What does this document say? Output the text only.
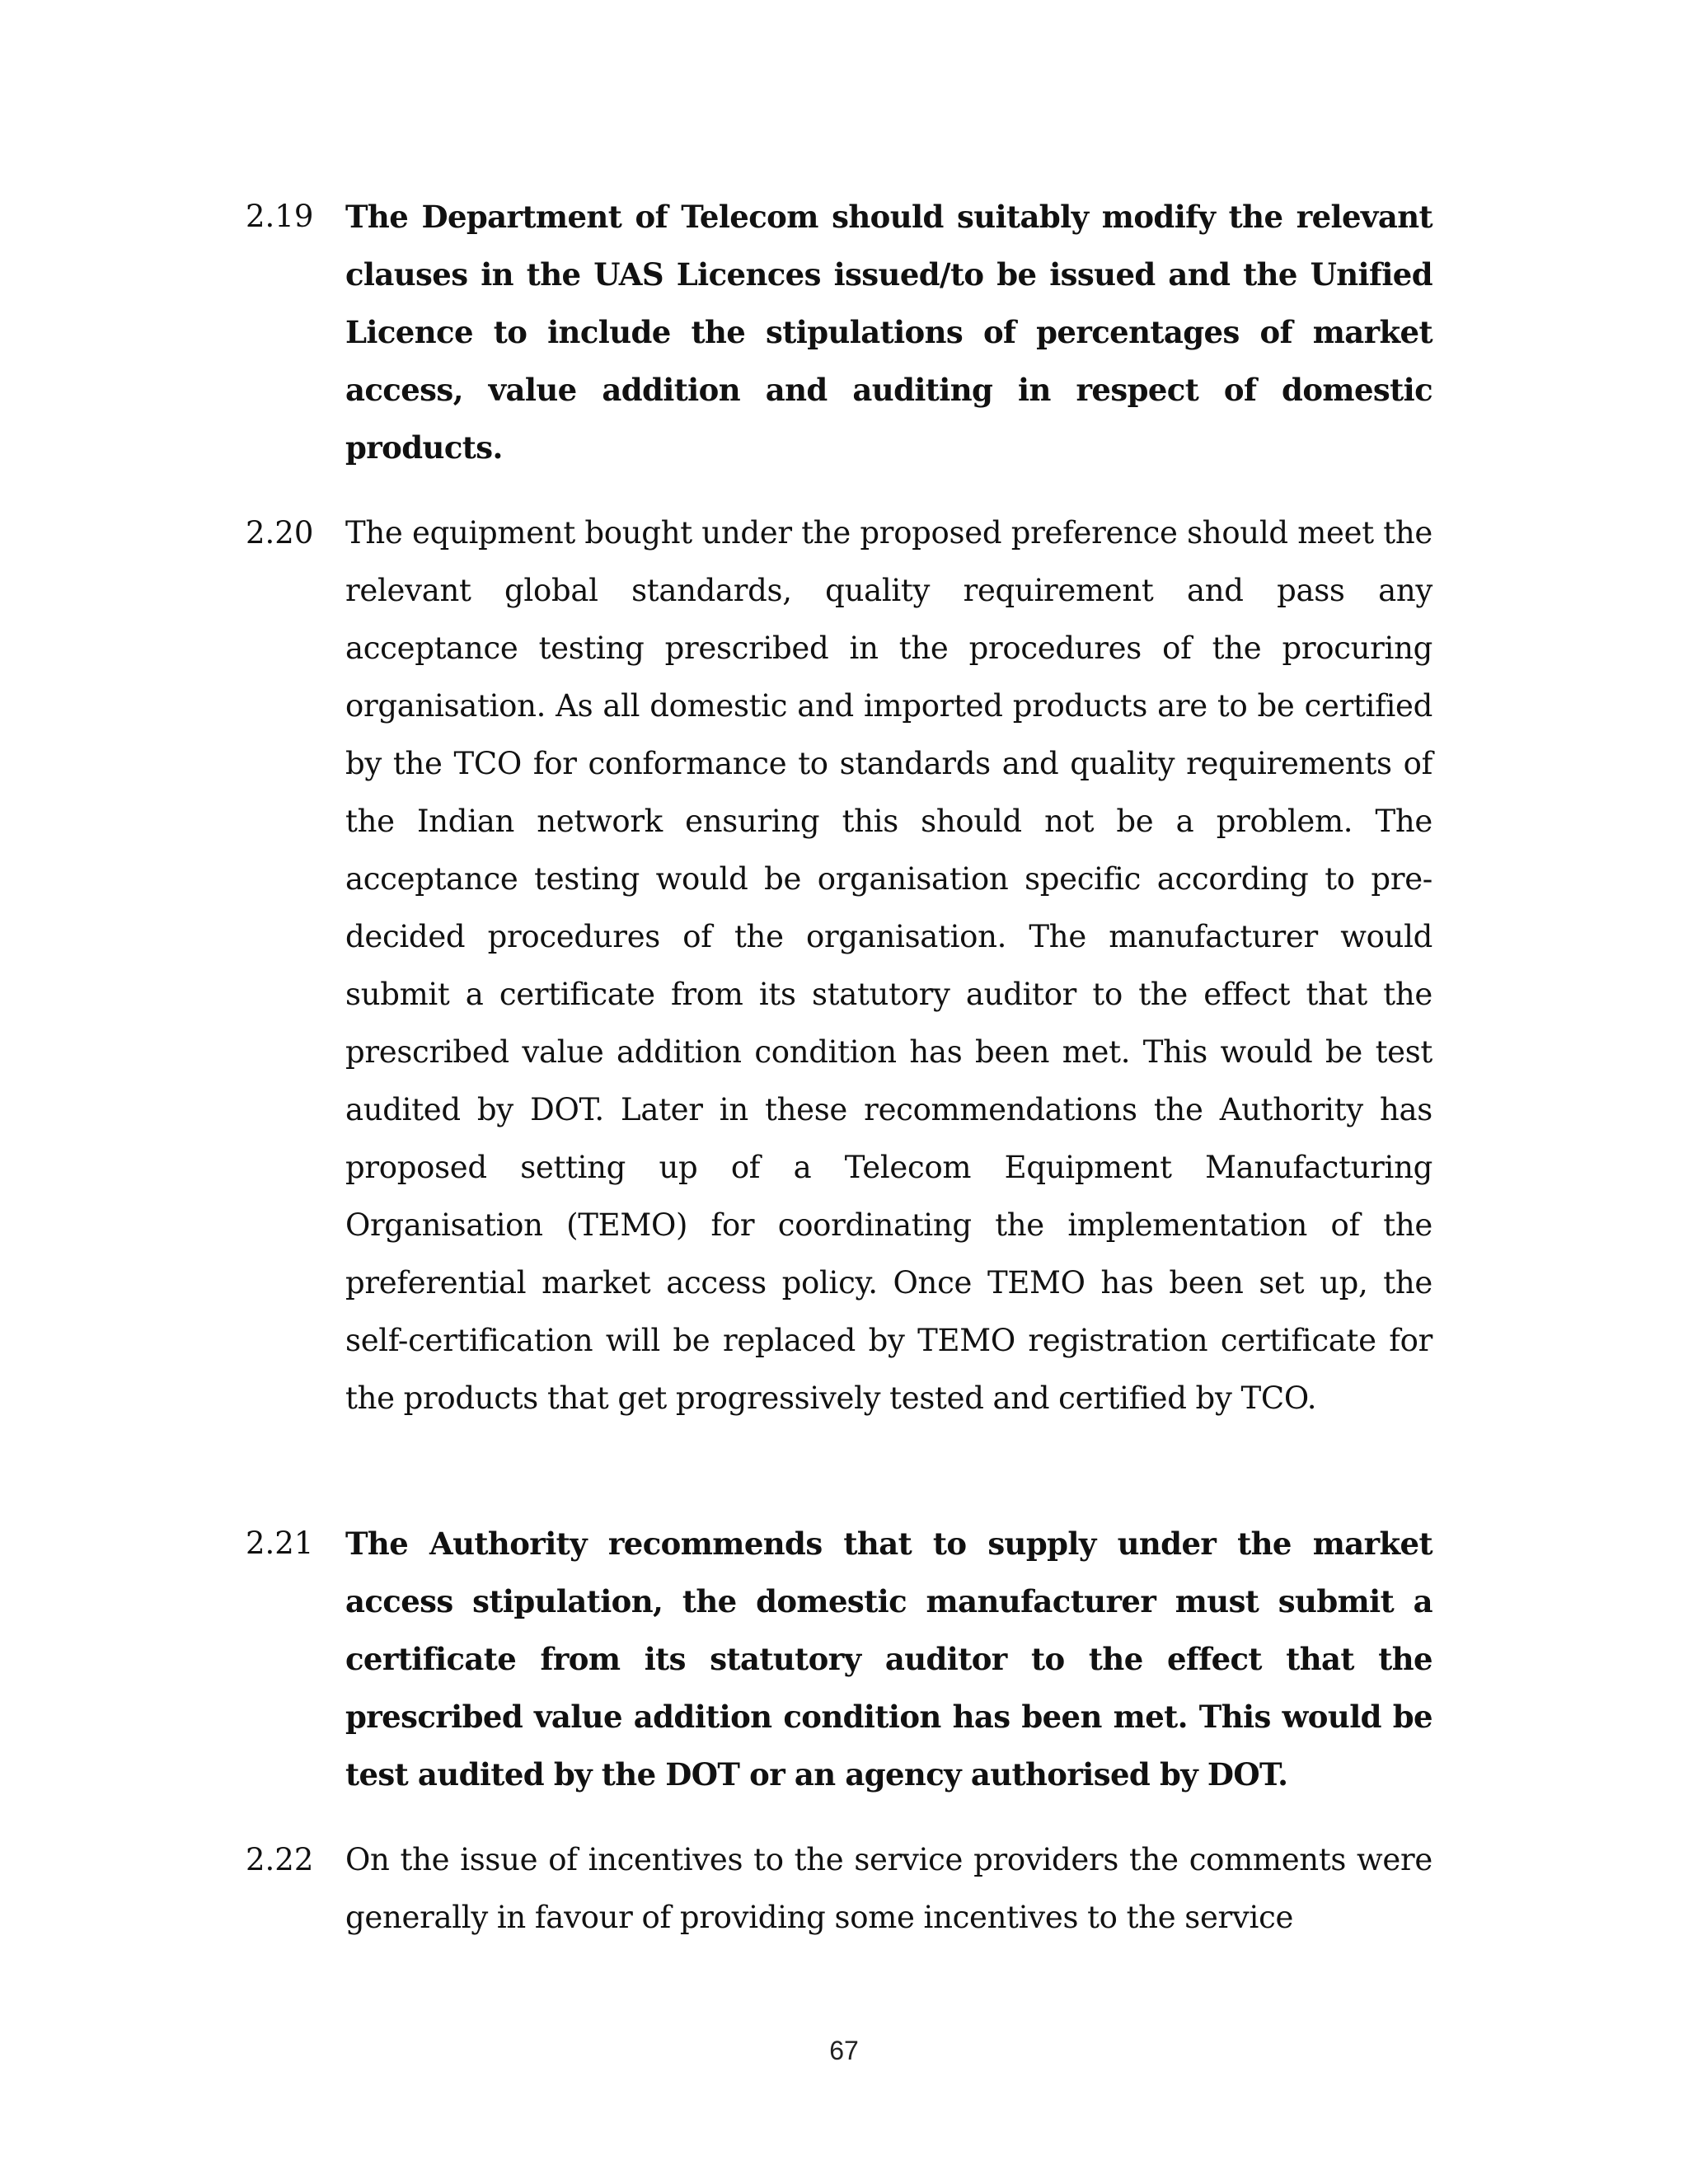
2.19	The Department of Telecom should suitably modify the relevant clauses in the UAS Licences issued/to be issued and the Unified Licence to include the stipulations of percentages of market access, value addition and auditing in respect of domestic products.
2.20	The equipment bought under the proposed preference should meet the relevant global standards, quality requirement and pass any acceptance testing prescribed in the procedures of the procuring organisation. As all domestic and imported products are to be certified by the TCO for conformance to standards and quality requirements of the Indian network ensuring this should not be a problem. The acceptance testing would be organisation specific according to pre-decided procedures of the organisation. The manufacturer would submit a certificate from its statutory auditor to the effect that the prescribed value addition condition has been met. This would be test audited by DOT. Later in these recommendations the Authority has proposed setting up of a Telecom Equipment Manufacturing Organisation (TEMO) for coordinating the implementation of the preferential market access policy. Once TEMO has been set up, the self-certification will be replaced by TEMO registration certificate for the products that get progressively tested and certified by TCO.
2.21	The Authority recommends that to supply under the market access stipulation, the domestic manufacturer must submit a certificate from its statutory auditor to the effect that the prescribed value addition condition has been met. This would be test audited by the DOT or an agency authorised by DOT.
2.22	On the issue of incentives to the service providers the comments were generally in favour of providing some incentives to the service
67
